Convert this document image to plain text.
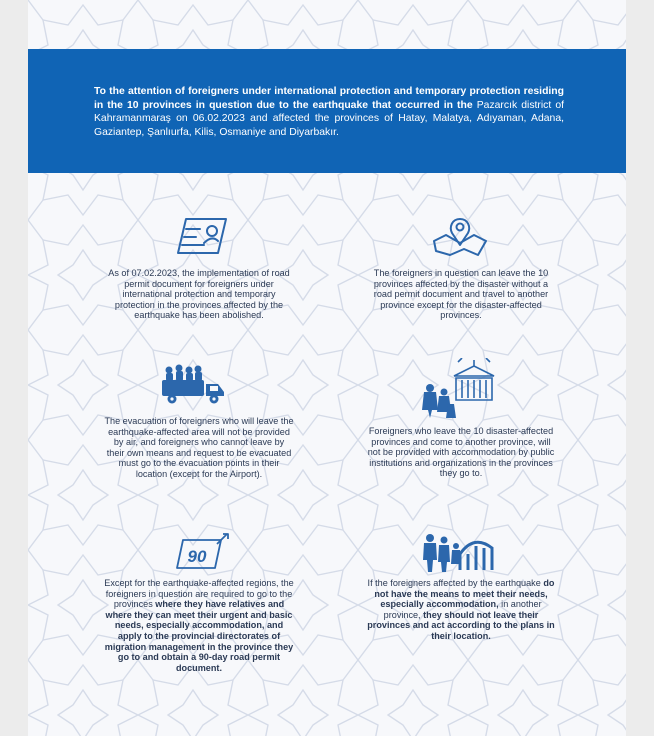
To the attention of foreigners under international protection and temporary protection residing in the 10 provinces in question due to the earthquake that occurred in the Pazarcık district of Kahramanmaraş on 06.02.2023 and affected the provinces of Hatay, Malatya, Adıyaman, Adana, Gaziantep, Şanlıurfa, Kilis, Osmaniye and Diyarbakır.
As of 07.02.2023, the implementation of road permit document for foreigners under international protection and temporary protection in the provinces affected by the earthquake has been abolished.
The foreigners in question can leave the 10 provinces affected by the disaster without a road permit document and travel to another province except for the disaster-affected provinces.
The evacuation of foreigners who will leave the earthquake-affected area will not be provided by air, and foreigners who cannot leave by their own means and request to be evacuated must go to the evacuation points in their location (except for the Airport).
Foreigners who leave the 10 disaster-affected provinces and come to another province, will not be provided with accommodation by public institutions and organizations in the provinces they go to.
90
Except for the earthquake-affected regions, the foreigners in question are required to go to the provinces where they have relatives and where they can meet their urgent and basic needs, especially accommodation, and apply to the provincial directorates of migration management in the province they go to and obtain a 90-day road permit document.
If the foreigners affected by the earthquake do not have the means to meet their needs, especially accommodation, in another province, they should not leave their provinces and act according to the plans in their location.
